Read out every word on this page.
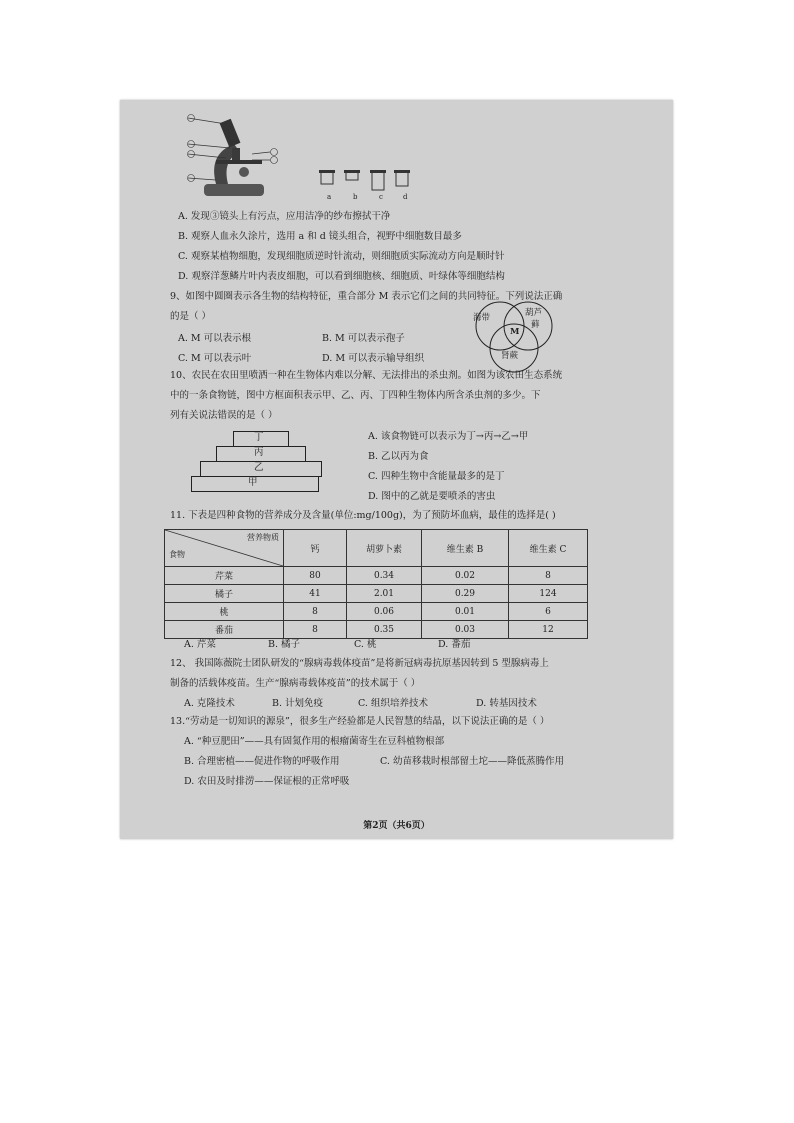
a	b	c	d
A. 发现③镜头上有污点，应用洁净的纱布擦拭干净
B. 观察人血永久涂片，选用 a 和 d 镜头组合，视野中细胞数目最多
C. 观察某植物细胞，发现细胞质逆时针流动，则细胞质实际流动方向是顺时针
D. 观察洋葱鳞片叶内表皮细胞，可以看到细胞核、细胞质、叶绿体等细胞结构
9、如图中圆圈表示各生物的结构特征，重合部分 M 表示它们之间的共同特征。下列说法正确
的是（ ）
A. M 可以表示根	B. M 可以表示孢子
C. M 可以表示叶	D. M 可以表示输导组织
海带	葫芦
藓
M
肾蕨
10、农民在农田里喷洒一种在生物体内难以分解、无法排出的杀虫剂。如图为该农田生态系统
中的一条食物链，图中方框面积表示甲、乙、丙、丁四种生物体内所含杀虫剂的多少。下
列有关说法错误的是（ ）
丁
丙
乙
甲
A. 该食物链可以表示为丁→丙→乙→甲
B. 乙以丙为食
C. 四种生物中含能量最多的是丁
D. 图中的乙就是要喷杀的害虫
11. 下表是四种食物的营养成分及含量(单位:mg/100g)，为了预防坏血病，最佳的选择是( )
营养物质
食物	钙	胡萝卜素	维生素 B	维生素 C
芹菜	80	0.34	0.02	8
橘子	41	2.01	0.29	124
桃	8	0.06	0.01	6
番茄	8	0.35	0.03	12
A. 芹菜	B. 橘子	C. 桃	D. 番茄
12、 我国陈薇院士团队研发的“腺病毒载体疫苗”是将新冠病毒抗原基因转到 5 型腺病毒上
制备的活载体疫苗。生产“腺病毒载体疫苗”的技术属于（ ）
A. 克隆技术	B. 计划免疫	C. 组织培养技术	D. 转基因技术
13.“劳动是一切知识的源泉”，很多生产经验都是人民智慧的结晶，以下说法正确的是（ ）
A. “种豆肥田”——具有固氮作用的根瘤菌寄生在豆科植物根部
B. 合理密植——促进作物的呼吸作用	C. 幼苗移栽时根部留土坨——降低蒸腾作用
D. 农田及时排涝——保证根的正常呼吸
第2页（共6页）
